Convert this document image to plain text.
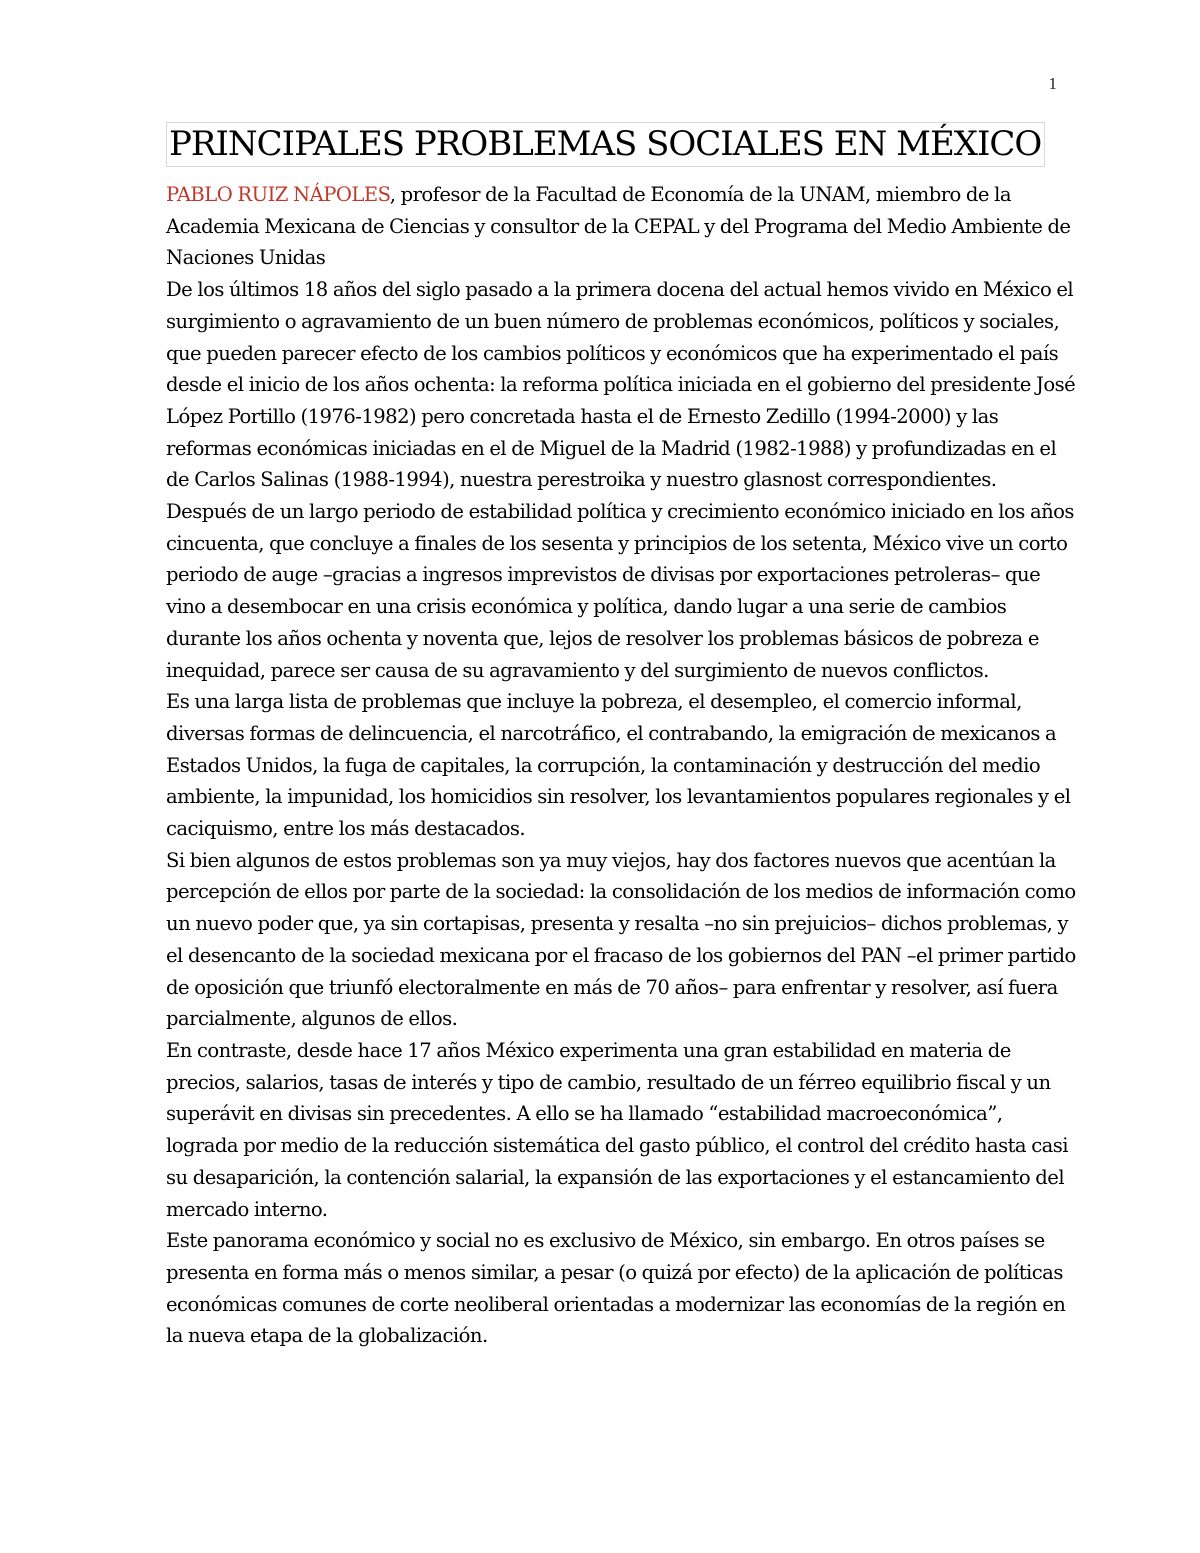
1
PRINCIPALES PROBLEMAS SOCIALES EN MÉXICO

PABLO RUIZ NÁPOLES, profesor de la Facultad de Economía de la UNAM, miembro de la Academia Mexicana de Ciencias y consultor de la CEPAL y del Programa del Medio Ambiente de Naciones Unidas

De los últimos 18 años del siglo pasado a la primera docena del actual hemos vivido en México el surgimiento o agravamiento de un buen número de problemas económicos, políticos y sociales, que pueden parecer efecto de los cambios políticos y económicos que ha experimentado el país desde el inicio de los años ochenta: la reforma política iniciada en el gobierno del presidente José López Portillo (1976-1982) pero concretada hasta el de Ernesto Zedillo (1994-2000) y las reformas económicas iniciadas en el de Miguel de la Madrid (1982-1988) y profundizadas en el de Carlos Salinas (1988-1994), nuestra perestroika y nuestro glasnost correspondientes.

Después de un largo periodo de estabilidad política y crecimiento económico iniciado en los años cincuenta, que concluye a finales de los sesenta y principios de los setenta, México vive un corto periodo de auge –gracias a ingresos imprevistos de divisas por exportaciones petroleras– que vino a desembocar en una crisis económica y política, dando lugar a una serie de cambios durante los años ochenta y noventa que, lejos de resolver los problemas básicos de pobreza e inequidad, parece ser causa de su agravamiento y del surgimiento de nuevos conflictos.

Es una larga lista de problemas que incluye la pobreza, el desempleo, el comercio informal, diversas formas de delincuencia, el narcotráfico, el contrabando, la emigración de mexicanos a Estados Unidos, la fuga de capitales, la corrupción, la contaminación y destrucción del medio ambiente, la impunidad, los homicidios sin resolver, los levantamientos populares regionales y el caciquismo, entre los más destacados.

Si bien algunos de estos problemas son ya muy viejos, hay dos factores nuevos que acentúan la percepción de ellos por parte de la sociedad: la consolidación de los medios de información como un nuevo poder que, ya sin cortapisas, presenta y resalta –no sin prejuicios– dichos problemas, y el desencanto de la sociedad mexicana por el fracaso de los gobiernos del PAN –el primer partido de oposición que triunfó electoralmente en más de 70 años– para enfrentar y resolver, así fuera parcialmente, algunos de ellos.

En contraste, desde hace 17 años México experimenta una gran estabilidad en materia de precios, salarios, tasas de interés y tipo de cambio, resultado de un férreo equilibrio fiscal y un superávit en divisas sin precedentes. A ello se ha llamado “estabilidad macroeconómica”, lograda por medio de la reducción sistemática del gasto público, el control del crédito hasta casi su desaparición, la contención salarial, la expansión de las exportaciones y el estancamiento del mercado interno.

Este panorama económico y social no es exclusivo de México, sin embargo. En otros países se presenta en forma más o menos similar, a pesar (o quizá por efecto) de la aplicación de políticas económicas comunes de corte neoliberal orientadas a modernizar las economías de la región en la nueva etapa de la globalización.
